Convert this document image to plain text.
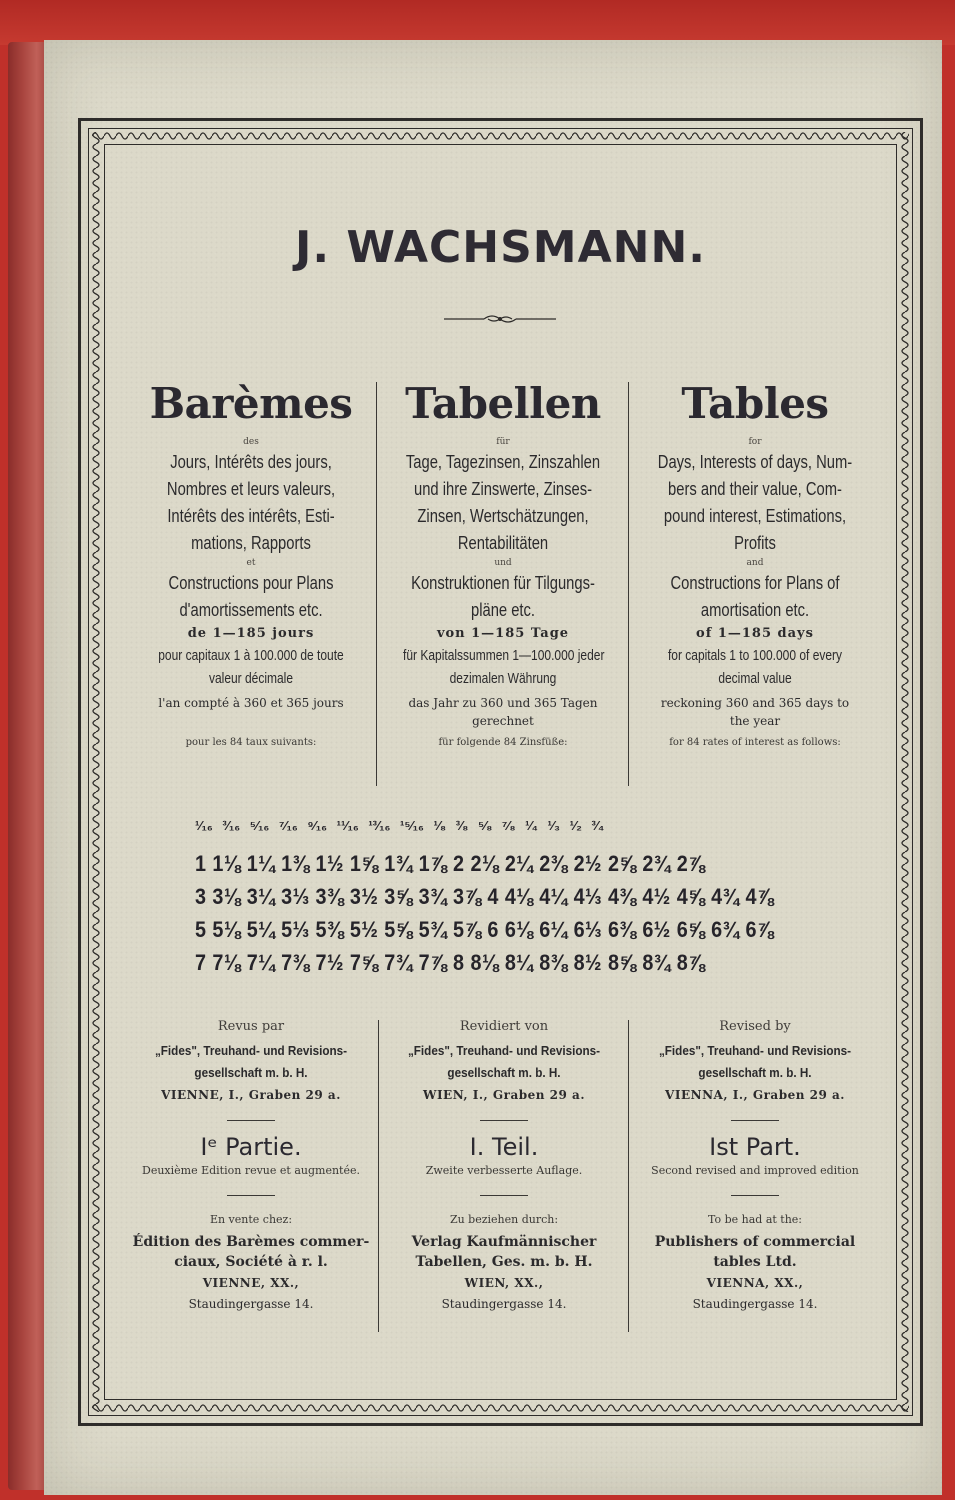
J. WACHSMANN.
Barèmes
des
Jours, Intérêts des jours,
Nombres et leurs valeurs,
Intérêts des intérêts, Esti-
mations, Rapports
et
Constructions pour Plans
d'amortissements etc.
de 1—185 jours
pour capitaux 1 à 100.000 de toute
valeur décimale
l'an compté à 360 et 365 jours
pour les 84 taux suivants:
Tabellen
für
Tage, Tagezinsen, Zinszahlen
und ihre Zinswerte, Zinses-
Zinsen, Wertschätzungen,
Rentabilitäten
und
Konstruktionen für Tilgungs-
pläne etc.
von 1—185 Tage
für Kapitalssummen 1—100.000 jeder
dezimalen Währung
das Jahr zu 360 und 365 Tagen
gerechnet
für folgende 84 Zinsfüße:
Tables
for
Days, Interests of days, Num-
bers and their value, Com-
pound interest, Estimations,
Profits
and
Constructions for Plans of
amortisation etc.
of 1—185 days
for capitals 1 to 100.000 of every
decimal value
reckoning 360 and 365 days to
the year
for 84 rates of interest as follows:
¹⁄₁₆ ³⁄₁₆ ⁵⁄₁₆ ⁷⁄₁₆ ⁹⁄₁₆ ¹¹⁄₁₆ ¹³⁄₁₆ ¹⁵⁄₁₆ ¹⁄₈ ³⁄₈ ⁵⁄₈ ⁷⁄₈ ¹⁄₄ ¹⁄₃ ¹⁄₂ ³⁄₄
1 1⅛ 1¼ 1⅜ 1½ 1⅝ 1¾ 1⅞ 2 2⅛ 2¼ 2⅜ 2½ 2⅝ 2¾ 2⅞
3 3⅛ 3¼ 3⅓ 3⅜ 3½ 3⅝ 3¾ 3⅞ 4 4⅛ 4¼ 4⅓ 4⅜ 4½ 4⅝ 4¾ 4⅞
5 5⅛ 5¼ 5⅓ 5⅜ 5½ 5⅝ 5¾ 5⅞ 6 6⅛ 6¼ 6⅓ 6⅜ 6½ 6⅝ 6¾ 6⅞
7 7⅛ 7¼ 7⅜ 7½ 7⅝ 7¾ 7⅞ 8 8⅛ 8¼ 8⅜ 8½ 8⅝ 8¾ 8⅞
Revus par
„Fides", Treuhand- und Revisions-
gesellschaft m. b. H.
VIENNE, I., Graben 29 a.
Iᵉ Partie.
Deuxième Edition revue et augmentée.
En vente chez:
Édition des Barèmes commer-
ciaux, Société à r. l.
VIENNE, XX.,
Staudingergasse 14.
Revidiert von
„Fides", Treuhand- und Revisions-
gesellschaft m. b. H.
WIEN, I., Graben 29 a.
I. Teil.
Zweite verbesserte Auflage.
Zu beziehen durch:
Verlag Kaufmännischer
Tabellen, Ges. m. b. H.
WIEN, XX.,
Staudingergasse 14.
Revised by
„Fides", Treuhand- und Revisions-
gesellschaft m. b. H.
VIENNA, I., Graben 29 a.
Ist Part.
Second revised and improved edition
To be had at the:
Publishers of commercial
tables Ltd.
VIENNA, XX.,
Staudingergasse 14.
